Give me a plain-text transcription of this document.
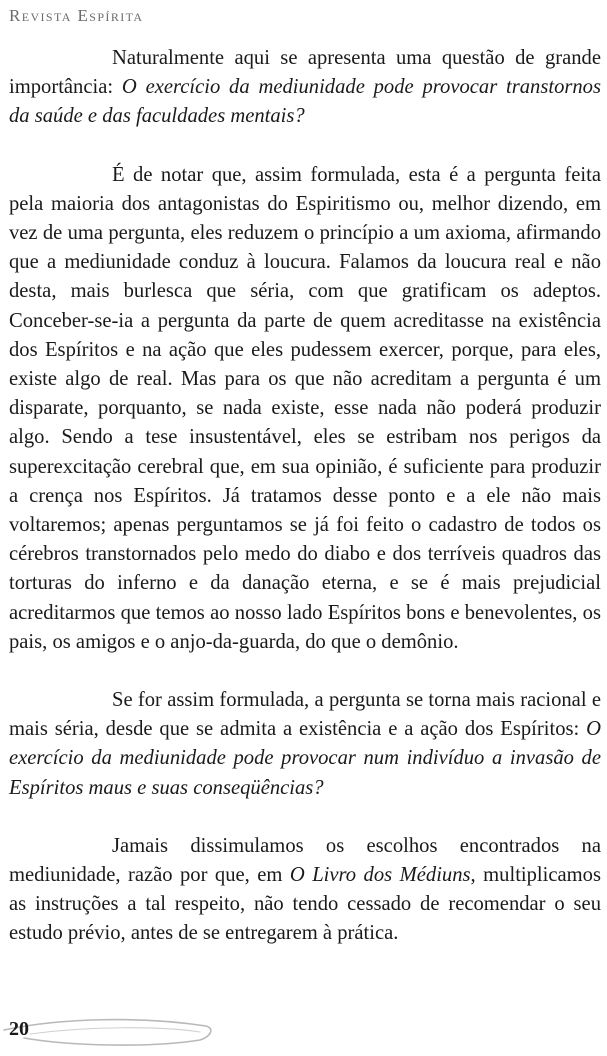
Revista Espírita

Naturalmente aqui se apresenta uma questão de grande importância: O exercício da mediunidade pode provocar transtornos da saúde e das faculdades mentais?

É de notar que, assim formulada, esta é a pergunta feita pela maioria dos antagonistas do Espiritismo ou, melhor dizendo, em vez de uma pergunta, eles reduzem o princípio a um axioma, afirmando que a mediunidade conduz à loucura. Falamos da loucura real e não desta, mais burlesca que séria, com que gratificam os adeptos. Conceber-se-ia a pergunta da parte de quem acreditasse na existência dos Espíritos e na ação que eles pudessem exercer, porque, para eles, existe algo de real. Mas para os que não acreditam a pergunta é um disparate, porquanto, se nada existe, esse nada não poderá produzir algo. Sendo a tese insustentável, eles se estribam nos perigos da superexcitação cerebral que, em sua opinião, é suficiente para produzir a crença nos Espíritos. Já tratamos desse ponto e a ele não mais voltaremos; apenas perguntamos se já foi feito o cadastro de todos os cérebros transtornados pelo medo do diabo e dos terríveis quadros das torturas do inferno e da danação eterna, e se é mais prejudicial acreditarmos que temos ao nosso lado Espíritos bons e benevolentes, os pais, os amigos e o anjo-da-guarda, do que o demônio.

Se for assim formulada, a pergunta se torna mais racional e mais séria, desde que se admita a existência e a ação dos Espíritos: O exercício da mediunidade pode provocar num indivíduo a invasão de Espíritos maus e suas conseqüências?

Jamais dissimulamos os escolhos encontrados na mediunidade, razão por que, em O Livro dos Médiuns, multiplicamos as instruções a tal respeito, não tendo cessado de recomendar o seu estudo prévio, antes de se entregarem à prática.

20
